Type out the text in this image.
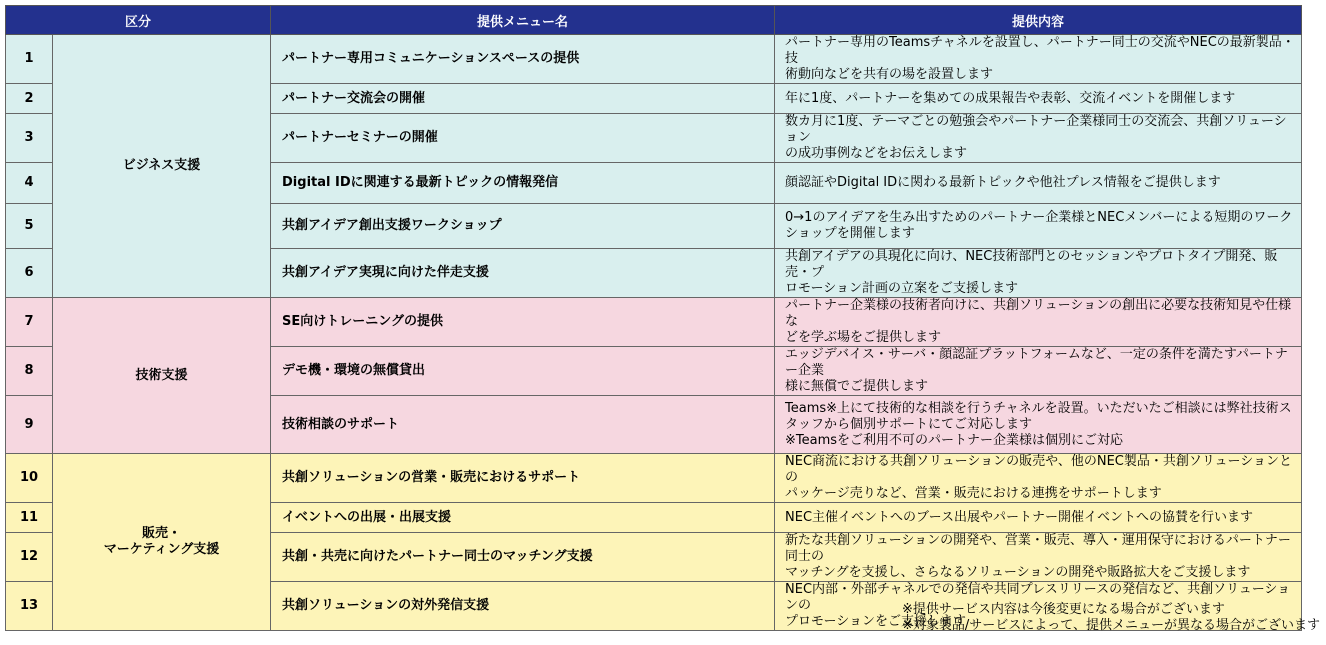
区分		提供メニュー名	提供内容
1	ビジネス支援	パートナー専用コミュニケーションスペースの提供	パートナー専用のTeamsチャネルを設置し、パートナー同士の交流やNECの最新製品・技
術動向などを共有の場を設置します
2		パートナー交流会の開催	年に1度、パートナーを集めての成果報告や表彰、交流イベントを開催します
3		パートナーセミナーの開催	数カ月に1度、テーマごとの勉強会やパートナー企業様同士の交流会、共創ソリューション
の成功事例などをお伝えします
4		Digital IDに関連する最新トピックの情報発信	顔認証やDigital IDに関わる最新トピックや他社プレス情報をご提供します
5		共創アイデア創出支援ワークショップ	0→1のアイデアを生み出すためのパートナー企業様とNECメンバーによる短期のワーク
ショップを開催します
6		共創アイデア実現に向けた伴走支援	共創アイデアの具現化に向け、NEC技術部門とのセッションやプロトタイプ開発、販売・プ
ロモーション計画の立案をご支援します
7	技術支援	SE向けトレーニングの提供	パートナー企業様の技術者向けに、共創ソリューションの創出に必要な技術知見や仕様な
どを学ぶ場をご提供します
8		デモ機・環境の無償貸出	エッジデバイス・サーバ・顔認証プラットフォームなど、一定の条件を満たすパートナー企業
様に無償でご提供します
9		技術相談のサポート	Teams※上にて技術的な相談を行うチャネルを設置。いただいたご相談には弊社技術ス
タッフから個別サポートにてご対応します
※Teamsをご利用不可のパートナー企業様は個別にご対応
10	販売・
マーケティング支援	共創ソリューションの営業・販売におけるサポート	NEC商流における共創ソリューションの販売や、他のNEC製品・共創ソリューションとの
パッケージ売りなど、営業・販売における連携をサポートします
11		イベントへの出展・出展支援	NEC主催イベントへのブース出展やパートナー開催イベントへの協賛を行います
12		共創・共売に向けたパートナー同士のマッチング支援	新たな共創ソリューションの開発や、営業・販売、導入・運用保守におけるパートナー同士の
マッチングを支援し、さらなるソリューションの開発や販路拡大をご支援します
13		共創ソリューションの対外発信支援	NEC内部・外部チャネルでの発信や共同プレスリリースの発信など、共創ソリューションの
プロモーションをご支援します
※提供サービス内容は今後変更になる場合がございます
※対象製品/サービスによって、提供メニューが異なる場合がございます
